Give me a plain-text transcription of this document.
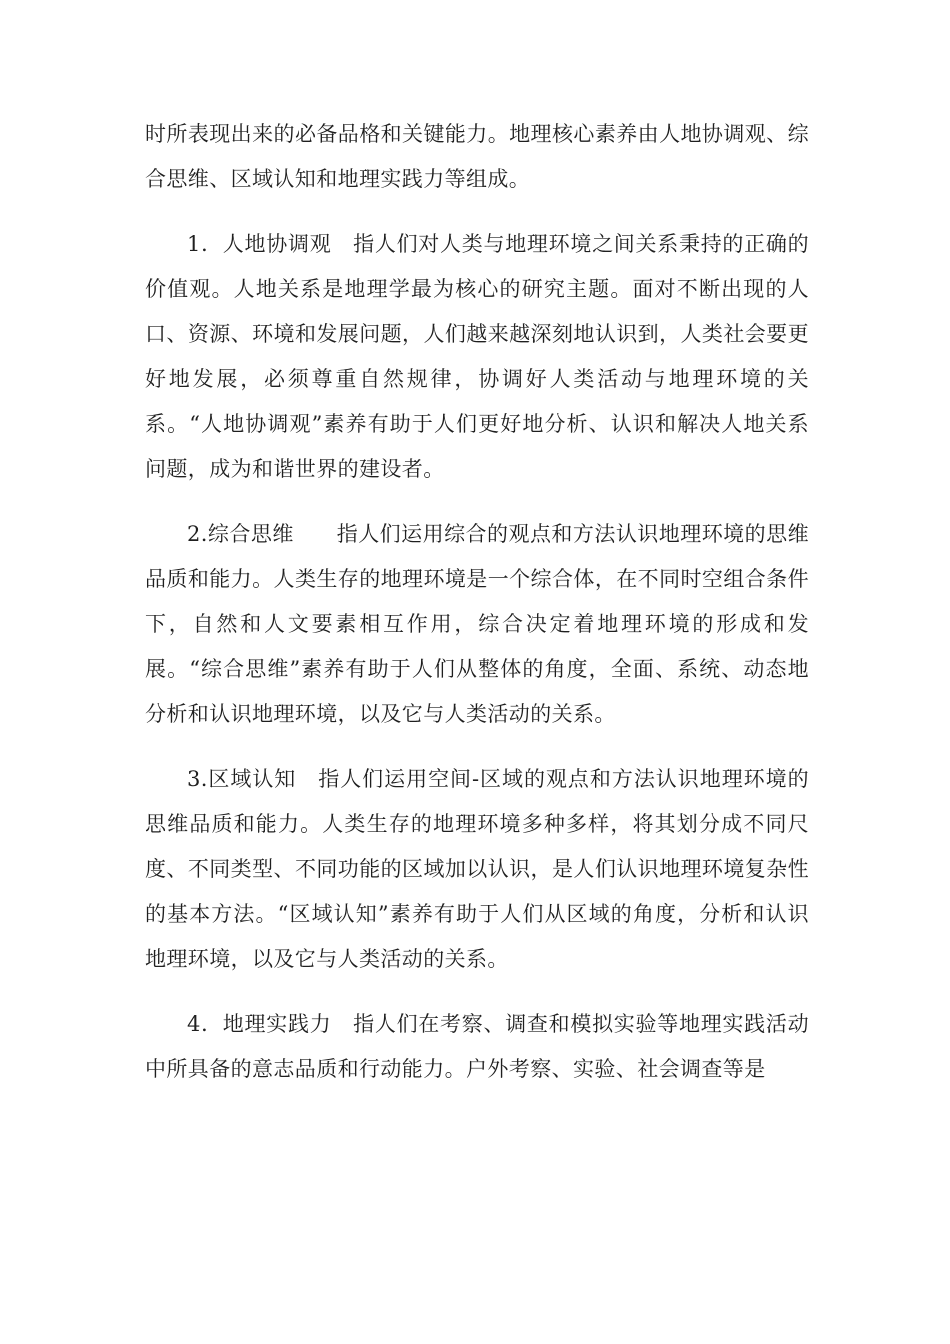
时所表现出来的必备品格和关键能力。地理核心素养由人地协调观、综合思维、区域认知和地理实践力等组成。

1．人地协调观　指人们对人类与地理环境之间关系秉持的正确的价值观。人地关系是地理学最为核心的研究主题。面对不断出现的人口、资源、环境和发展问题，人们越来越深刻地认识到，人类社会要更好地发展，必须尊重自然规律，协调好人类活动与地理环境的关系。“人地协调观”素养有助于人们更好地分析、认识和解决人地关系问题，成为和谐世界的建设者。

2.综合思维　　指人们运用综合的观点和方法认识地理环境的思维品质和能力。人类生存的地理环境是一个综合体，在不同时空组合条件下，自然和人文要素相互作用，综合决定着地理环境的形成和发展。“综合思维”素养有助于人们从整体的角度，全面、系统、动态地分析和认识地理环境，以及它与人类活动的关系。

3.区域认知　指人们运用空间-区域的观点和方法认识地理环境的思维品质和能力。人类生存的地理环境多种多样，将其划分成不同尺度、不同类型、不同功能的区域加以认识，是人们认识地理环境复杂性的基本方法。“区域认知”素养有助于人们从区域的角度，分析和认识地理环境，以及它与人类活动的关系。

4．地理实践力　指人们在考察、调查和模拟实验等地理实践活动中所具备的意志品质和行动能力。户外考察、实验、社会调查等是
